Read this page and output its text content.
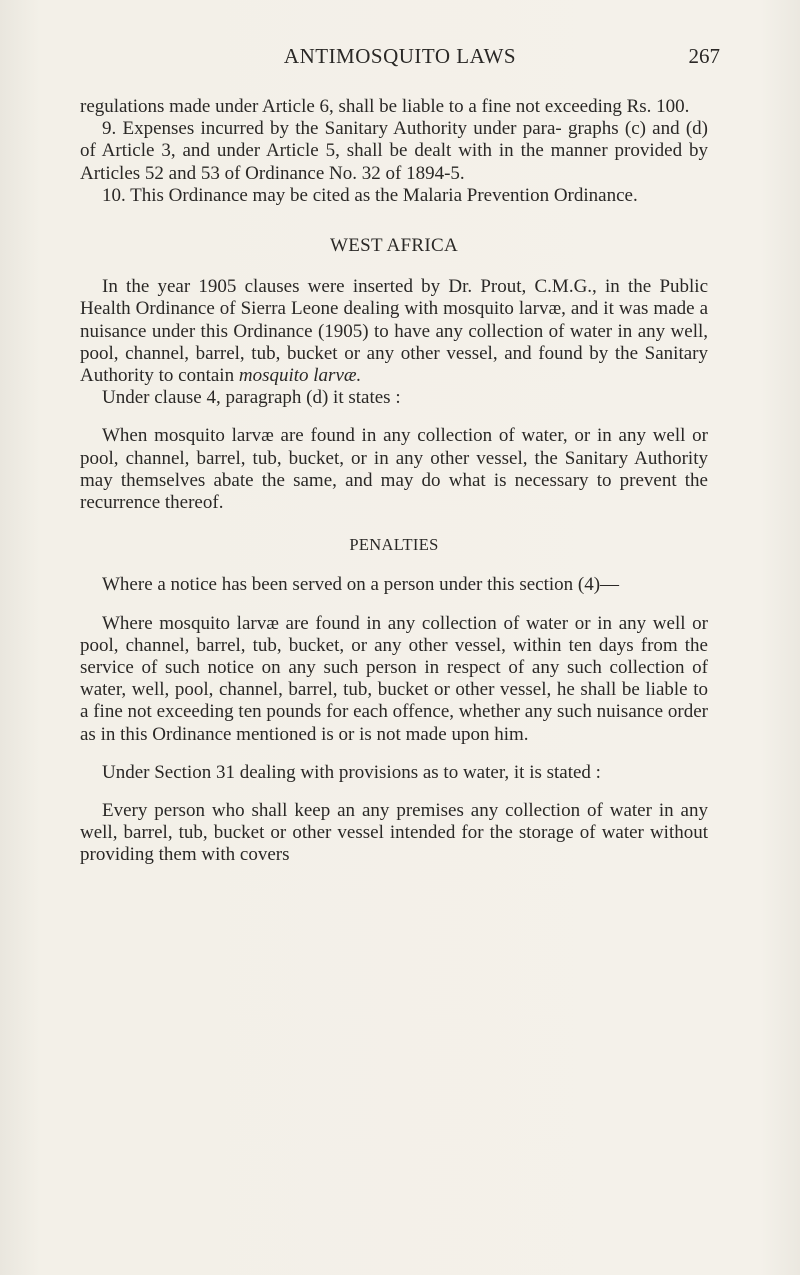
ANTIMOSQUITO LAWS	267

regulations made under Article 6, shall be liable to a fine not exceeding Rs. 100.

9. Expenses incurred by the Sanitary Authority under para- graphs (c) and (d) of Article 3, and under Article 5, shall be dealt with in the manner provided by Articles 52 and 53 of Ordinance No. 32 of 1894-5.

10. This Ordinance may be cited as the Malaria Prevention Ordinance.

WEST AFRICA

In the year 1905 clauses were inserted by Dr. Prout, C.M.G., in the Public Health Ordinance of Sierra Leone dealing with mosquito larvæ, and it was made a nuisance under this Ordinance (1905) to have any collection of water in any well, pool, channel, barrel, tub, bucket or any other vessel, and found by the Sanitary Authority to contain mosquito larvæ.

Under clause 4, paragraph (d) it states :

When mosquito larvæ are found in any collection of water, or in any well or pool, channel, barrel, tub, bucket, or in any other vessel, the Sanitary Authority may themselves abate the same, and may do what is necessary to prevent the recurrence thereof.

PENALTIES

Where a notice has been served on a person under this section (4)—

Where mosquito larvæ are found in any collection of water or in any well or pool, channel, barrel, tub, bucket, or any other vessel, within ten days from the service of such notice on any such person in respect of any such collection of water, well, pool, channel, barrel, tub, bucket or other vessel, he shall be liable to a fine not exceeding ten pounds for each offence, whether any such nuisance order as in this Ordinance mentioned is or is not made upon him.

Under Section 31 dealing with provisions as to water, it is stated :

Every person who shall keep an any premises any collection of water in any well, barrel, tub, bucket or other vessel intended for the storage of water without providing them with covers
